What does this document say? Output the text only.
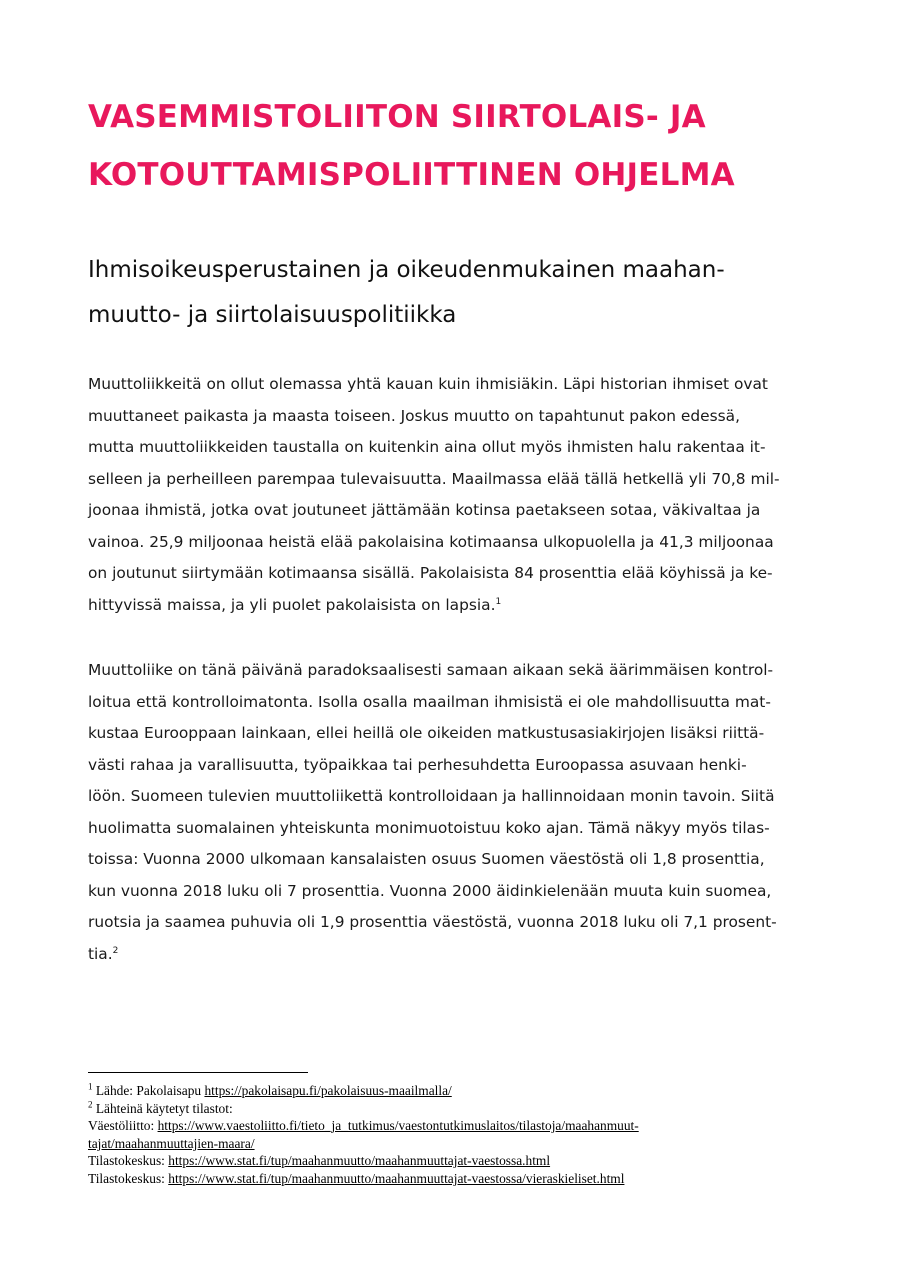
VASEMMISTOLIITON SIIRTOLAIS- JA
KOTOUTTAMISPOLIITTINEN OHJELMA
Ihmisoikeusperustainen ja oikeudenmukainen maahan-
muutto- ja siirtolaisuuspolitiikka
Muuttoliikkeitä on ollut olemassa yhtä kauan kuin ihmisiäkin. Läpi historian ihmiset ovat
muuttaneet paikasta ja maasta toiseen. Joskus muutto on tapahtunut pakon edessä,
mutta muuttoliikkeiden taustalla on kuitenkin aina ollut myös ihmisten halu rakentaa it-
selleen ja perheilleen parempaa tulevaisuutta. Maailmassa elää tällä hetkellä yli 70,8 mil-
joonaa ihmistä, jotka ovat joutuneet jättämään kotinsa paetakseen sotaa, väkivaltaa ja
vainoa. 25,9 miljoonaa heistä elää pakolaisina kotimaansa ulkopuolella ja 41,3 miljoonaa
on joutunut siirtymään kotimaansa sisällä. Pakolaisista 84 prosenttia elää köyhissä ja ke-
hittyvissä maissa, ja yli puolet pakolaisista on lapsia.$^1$
Muuttoliike on tänä päivänä paradoksaalisesti samaan aikaan sekä äärimmäisen kontrol-
loitua että kontrolloimatonta. Isolla osalla maailman ihmisistä ei ole mahdollisuutta mat-
kustaa Eurooppaan lainkaan, ellei heillä ole oikeiden matkustusasiakirjojen lisäksi riittä-
västi rahaa ja varallisuutta, työpaikkaa tai perhesuhdetta Euroopassa asuvaan henki-
löön. Suomeen tulevien muuttoliikettä kontrolloidaan ja hallinnoidaan monin tavoin. Siitä
huolimatta suomalainen yhteiskunta monimuotoistuu koko ajan. Tämä näkyy myös tilas-
toissa: Vuonna 2000 ulkomaan kansalaisten osuus Suomen väestöstä oli 1,8 prosenttia,
kun vuonna 2018 luku oli 7 prosenttia. Vuonna 2000 äidinkielenään muuta kuin suomea,
ruotsia ja saamea puhuvia oli 1,9 prosenttia väestöstä, vuonna 2018 luku oli 7,1 prosent-
tia.$^2$
$^1$ Lähde: Pakolaisapu https://pakolaisapu.fi/pakolaisuus-maailmalla/
$^2$ Lähteinä käytetyt tilastot:
Väestöliitto: https://www.vaestoliitto.fi/tieto_ja_tutkimus/vaestontutkimuslaitos/tilastoja/maahanmuut-
tajat/maahanmuuttajien-maara/
Tilastokeskus: https://www.stat.fi/tup/maahanmuutto/maahanmuuttajat-vaestossa.html
Tilastokeskus: https://www.stat.fi/tup/maahanmuutto/maahanmuuttajat-vaestossa/vieraskieliset.html
